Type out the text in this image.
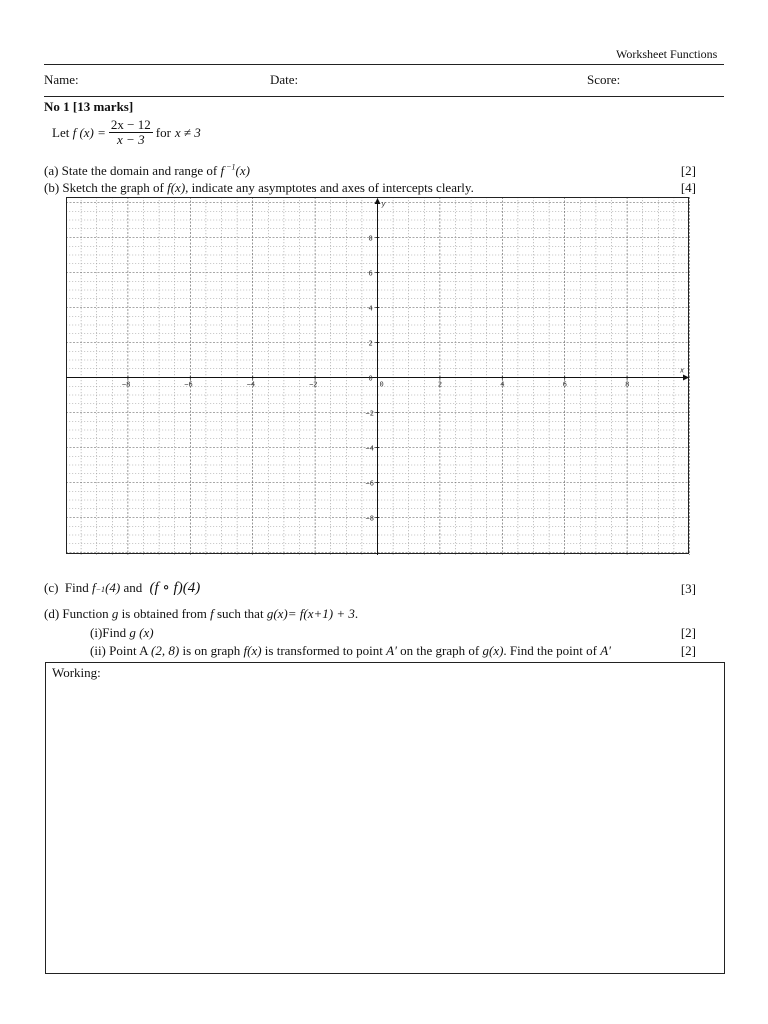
Worksheet Functions
Name:	Date:	Score:
No 1 [13 marks]
Let f $(x) = \frac{2x - 12}{x - 3}$ for x ≠ 3
(a) State the domain and range of f $^{-1}$(x)	[2]
(b) Sketch the graph of f(x), indicate any asymptotes and axes of intercepts clearly.	[4]
x
y
−8	−6	−4	−2	2	4	6	8
8
6
4
2
0
−2
−4
−6
−8
0
(c)  Find f −1 (4) and (f ∘ f)(4)	[3]
(d) Function g is obtained from f such that g(x)= f(x+1) + 3.
(i)Find g (x)	[2]
(ii) Point A (2, 8) is on graph f(x) is transformed to point A′ on the graph of g(x). Find the point of A′	[2]
Working:
